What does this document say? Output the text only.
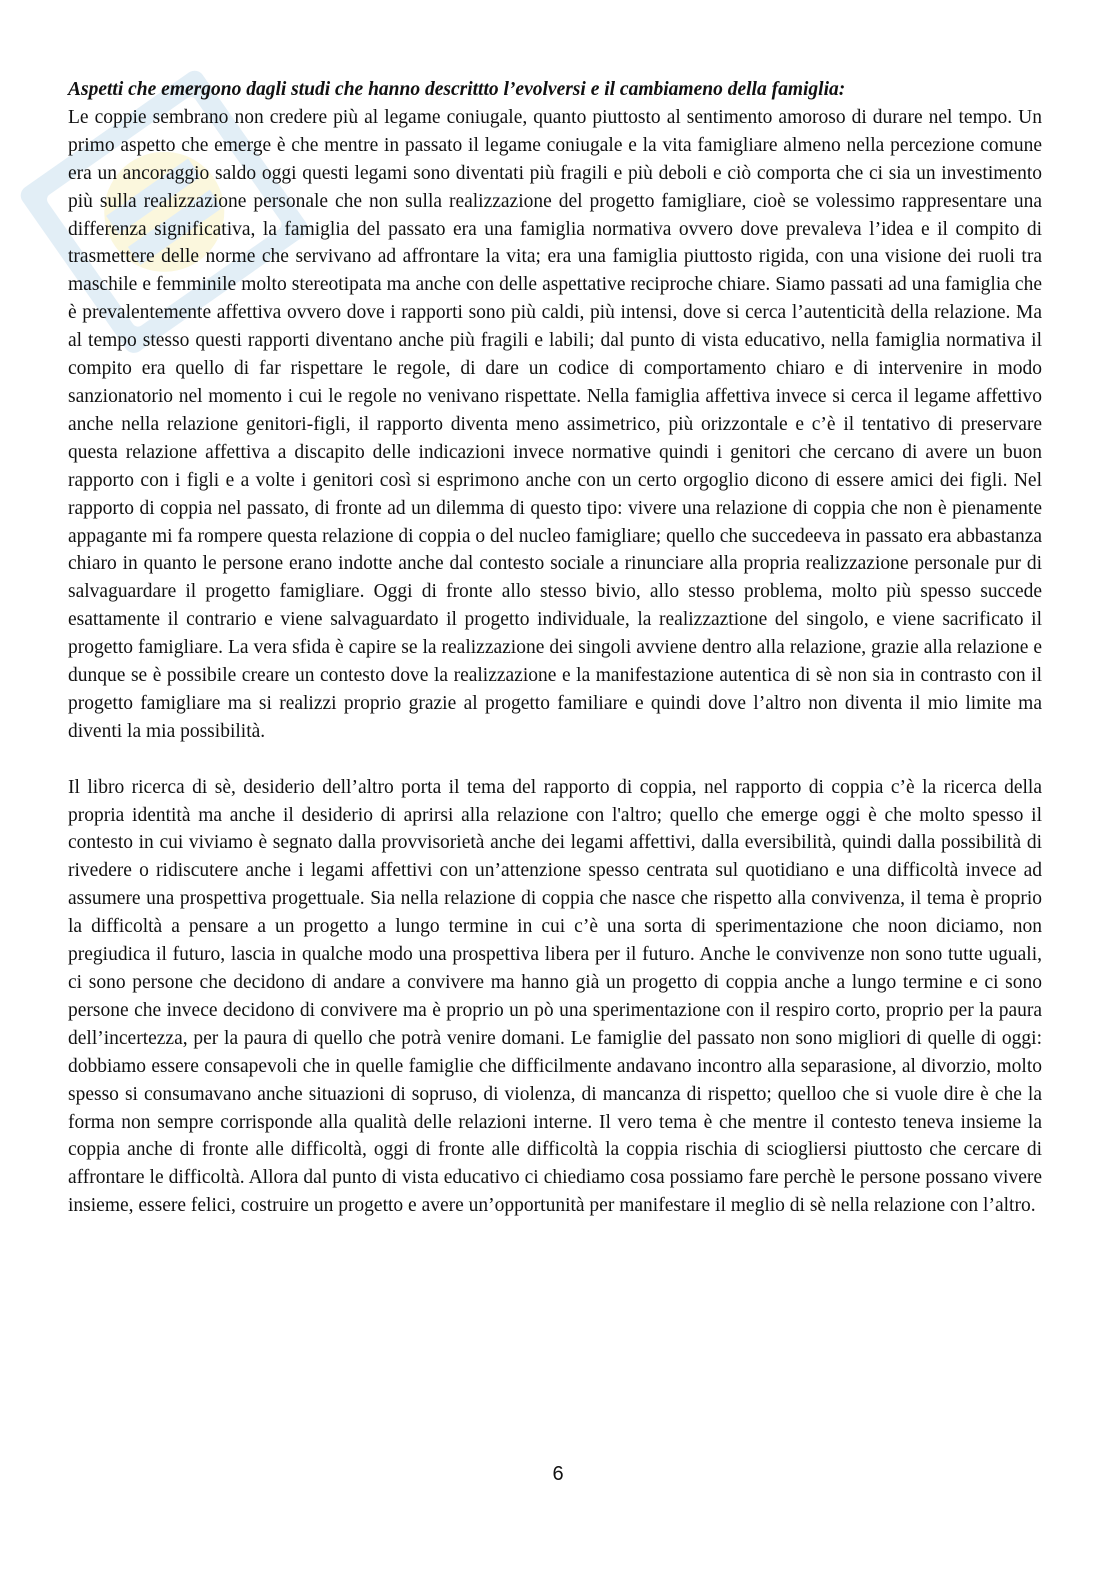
Aspetti che emergono dagli studi che hanno descrittto l’evolversi e il cambiameno della famiglia:

Le coppie sembrano non credere più al legame coniugale, quanto piuttosto al sentimento amoroso di durare nel tempo. Un primo aspetto che emerge è che mentre in passato il legame coniugale e la vita famigliare almeno nella percezione comune era un ancoraggio saldo oggi questi legami sono diventati più fragili e più deboli e ciò comporta che ci sia un investimento più sulla realizzazione personale che non sulla realizzazione del progetto famigliare, cioè se volessimo rappresentare una differenza significativa, la famiglia del passato era una famiglia normativa ovvero dove prevaleva l’idea e il compito di trasmettere delle norme che servivano ad affrontare la vita; era una famiglia piuttosto rigida, con una visione dei ruoli tra maschile e femminile molto stereotipata ma anche con delle aspettative reciproche chiare. Siamo passati ad una famiglia che è prevalentemente affettiva ovvero dove i rapporti sono più caldi, più intensi, dove si cerca l’autenticità della relazione. Ma al tempo stesso questi rapporti diventano anche più fragili e labili; dal punto di vista educativo, nella famiglia normativa il compito era quello di far rispettare le regole, di dare un codice di comportamento chiaro e di intervenire in modo sanzionatorio nel momento i cui le regole no venivano rispettate. Nella famiglia affettiva invece si cerca il legame affettivo anche nella relazione genitori-figli, il rapporto diventa meno assimetrico, più orizzontale e c’è il tentativo di preservare questa relazione affettiva a discapito delle indicazioni invece normative quindi i genitori che cercano di avere un buon rapporto con i figli e a volte i genitori così si esprimono anche con un certo orgoglio dicono di essere amici dei figli. Nel rapporto di coppia nel passato, di fronte ad un dilemma di questo tipo: vivere una relazione di coppia che non è pienamente appagante mi fa rompere questa relazione di coppia o del nucleo famigliare; quello che succedeeva in passato era abbastanza chiaro in quanto le persone erano indotte anche dal contesto sociale a rinunciare alla propria realizzazione personale pur di salvaguardare il progetto famigliare. Oggi di fronte allo stesso bivio, allo stesso problema, molto più spesso succede esattamente il contrario e viene salvaguardato il progetto individuale, la realizzaztione del singolo, e viene sacrificato il progetto famigliare. La vera sfida è capire se la realizzazione dei singoli avviene dentro alla relazione, grazie alla relazione e dunque se è possibile creare un contesto dove la realizzazione e la manifestazione autentica di sè non sia in contrasto con il progetto famigliare ma si realizzi proprio grazie al progetto familiare e quindi dove l’altro non diventa il mio limite ma diventi la mia possibilità.

Il libro ricerca di sè, desiderio dell’altro porta il tema del rapporto di coppia, nel rapporto di coppia c’è la ricerca della propria identità ma anche il desiderio di aprirsi alla relazione con l'altro; quello che emerge oggi è che molto spesso il contesto in cui viviamo è segnato dalla provvisorietà anche dei legami affettivi, dalla eversibilità, quindi dalla possibilità di rivedere o ridiscutere anche i legami affettivi con un’attenzione spesso centrata sul quotidiano e una difficoltà invece ad assumere una prospettiva progettuale. Sia nella relazione di coppia che nasce che rispetto alla convivenza, il tema è proprio la difficoltà a pensare a un progetto a lungo termine in cui c’è una sorta di sperimentazione che noon diciamo, non pregiudica il futuro, lascia in qualche modo una prospettiva libera per il futuro. Anche le convivenze non sono tutte uguali, ci sono persone che decidono di andare a convivere ma hanno già un progetto di coppia anche a lungo termine e ci sono persone che invece decidono di convivere ma è proprio un pò una sperimentazione con il respiro corto, proprio per la paura dell’incertezza, per la paura di quello che potrà venire domani. Le famiglie del passato non sono migliori di quelle di oggi: dobbiamo essere consapevoli che in quelle famiglie che difficilmente andavano incontro alla separasione, al divorzio, molto spesso si consumavano anche situazioni di sopruso, di violenza, di mancanza di rispetto; quelloo che si vuole dire è che la forma non sempre corrisponde alla qualità delle relazioni interne. Il vero tema è che mentre il contesto teneva insieme la coppia anche di fronte alle difficoltà, oggi di fronte alle difficoltà la coppia rischia di sciogliersi piuttosto che cercare di affrontare le difficoltà. Allora dal punto di vista educativo ci chiediamo cosa possiamo fare perchè le persone possano vivere insieme, essere felici, costruire un progetto e avere un’opportunità per manifestare il meglio di sè nella relazione con l’altro.

6
